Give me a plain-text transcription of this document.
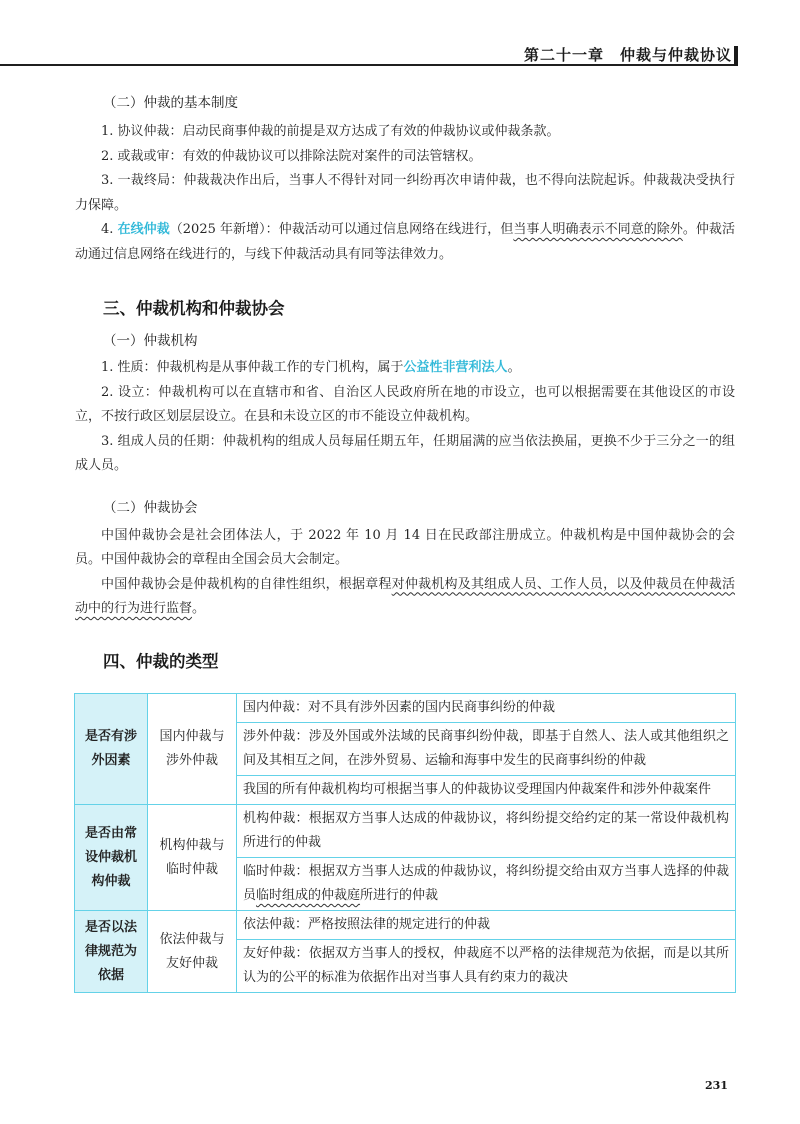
第二十一章　仲裁与仲裁协议
（二）仲裁的基本制度

1. 协议仲裁：启动民商事仲裁的前提是双方达成了有效的仲裁协议或仲裁条款。

2. 或裁或审：有效的仲裁协议可以排除法院对案件的司法管辖权。

3. 一裁终局：仲裁裁决作出后，当事人不得针对同一纠纷再次申请仲裁，也不得向法院起诉。仲裁裁决受执行力保障。

4. 在线仲裁（2025 年新增）：仲裁活动可以通过信息网络在线进行，但当事人明确表示不同意的除外。仲裁活动通过信息网络在线进行的，与线下仲裁活动具有同等法律效力。

三、仲裁机构和仲裁协会
（一）仲裁机构

1. 性质：仲裁机构是从事仲裁工作的专门机构，属于公益性非营利法人。

2. 设立：仲裁机构可以在直辖市和省、自治区人民政府所在地的市设立，也可以根据需要在其他设区的市设立，不按行政区划层层设立。在县和未设立区的市不能设立仲裁机构。

3. 组成人员的任期：仲裁机构的组成人员每届任期五年，任期届满的应当依法换届，更换不少于三分之一的组成人员。

（二）仲裁协会

中国仲裁协会是社会团体法人，于 2022 年 10 月 14 日在民政部注册成立。仲裁机构是中国仲裁协会的会员。中国仲裁协会的章程由全国会员大会制定。

中国仲裁协会是仲裁机构的自律性组织，根据章程对仲裁机构及其组成人员、工作人员，以及仲裁员在仲裁活动中的行为进行监督。

四、仲裁的类型
是否有涉外因素	国内仲裁与涉外仲裁	国内仲裁：对不具有涉外因素的国内民商事纠纷的仲裁
		涉外仲裁：涉及外国或外法域的民商事纠纷仲裁，即基于自然人、法人或其他组织之间及其相互之间，在涉外贸易、运输和海事中发生的民商事纠纷的仲裁
		我国的所有仲裁机构均可根据当事人的仲裁协议受理国内仲裁案件和涉外仲裁案件
是否由常设仲裁机构仲裁	机构仲裁与临时仲裁	机构仲裁：根据双方当事人达成的仲裁协议，将纠纷提交给约定的某一常设仲裁机构所进行的仲裁
		临时仲裁：根据双方当事人达成的仲裁协议，将纠纷提交给由双方当事人选择的仲裁员临时组成的仲裁庭所进行的仲裁
是否以法律规范为依据	依法仲裁与友好仲裁	依法仲裁：严格按照法律的规定进行的仲裁
		友好仲裁：依据双方当事人的授权，仲裁庭不以严格的法律规范为依据，而是以其所认为的公平的标准为依据作出对当事人具有约束力的裁决
231
